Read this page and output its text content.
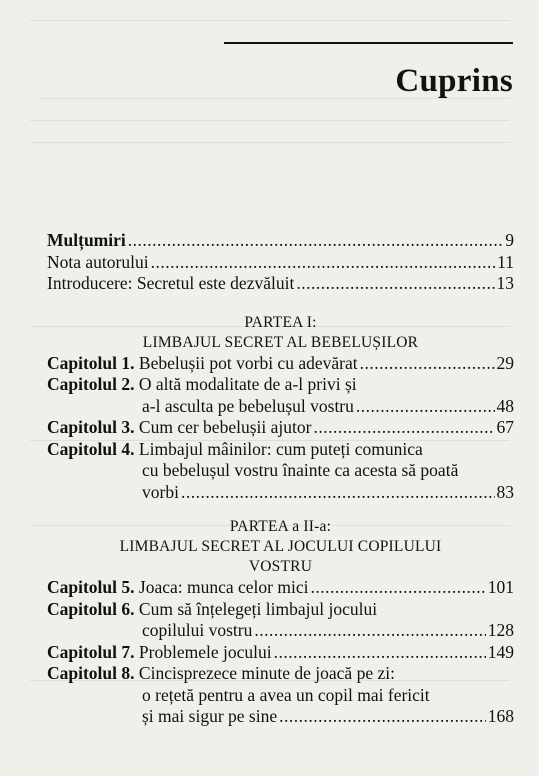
Cuprins
Mulțumiri .....	9
Nota autorului .....	11
Introducere: Secretul este dezvăluit .....	13
PARTEA I:
LIMBAJUL SECRET AL BEBELUȘILOR
Capitolul 1. Bebelușii pot vorbi cu adevărat .....	29
Capitolul 2. O altă modalitate de a-l privi și
a-l asculta pe bebelușul vostru .....	48
Capitolul 3. Cum cer bebelușii ajutor .....	67
Capitolul 4. Limbajul mâinilor: cum puteți comunica
cu bebelușul vostru înainte ca acesta să poată
vorbi .....	83
PARTEA a II-a:
LIMBAJUL SECRET AL JOCULUI COPILULUI
VOSTRU
Capitolul 5. Joaca: munca celor mici .....	101
Capitolul 6. Cum să înțelegeți limbajul jocului
copilului vostru .....	128
Capitolul 7. Problemele jocului .....	149
Capitolul 8. Cincisprezece minute de joacă pe zi:
o rețetă pentru a avea un copil mai fericit
și mai sigur pe sine .....	168
